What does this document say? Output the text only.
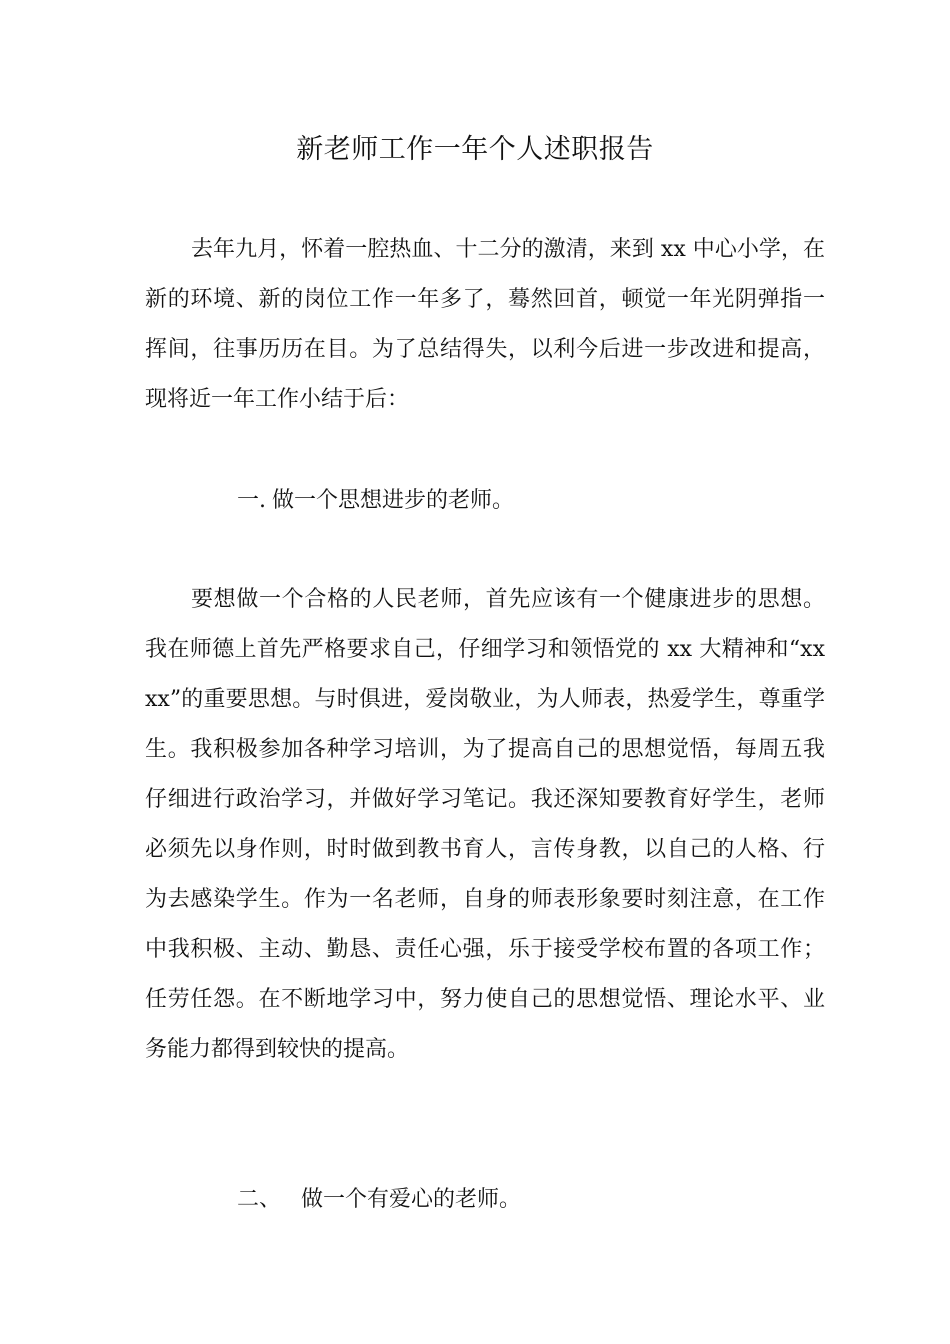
新老师工作一年个人述职报告

去年九月，怀着一腔热血、十二分的激清，来到 xx 中心小学，在新的环境、新的岗位工作一年多了，蓦然回首，顿觉一年光阴弹指一挥间，往事历历在目。为了总结得失，以利今后进一步改进和提高，现将近一年工作小结于后：

一. 做一个思想进步的老师。

要想做一个合格的人民老师，首先应该有一个健康进步的思想。我在师德上首先严格要求自己，仔细学习和领悟党的 xx 大精神和“xxxx”的重要思想。与时俱进，爱岗敬业，为人师表，热爱学生，尊重学生。我积极参加各种学习培训，为了提高自己的思想觉悟，每周五我仔细进行政治学习，并做好学习笔记。我还深知要教育好学生，老师必须先以身作则，时时做到教书育人，言传身教，以自己的人格、行为去感染学生。作为一名老师，自身的师表形象要时刻注意，在工作中我积极、主动、勤恳、责任心强，乐于接受学校布置的各项工作；任劳任怨。在不断地学习中，努力使自己的思想觉悟、理论水平、业务能力都得到较快的提高。

二、 做一个有爱心的老师。
